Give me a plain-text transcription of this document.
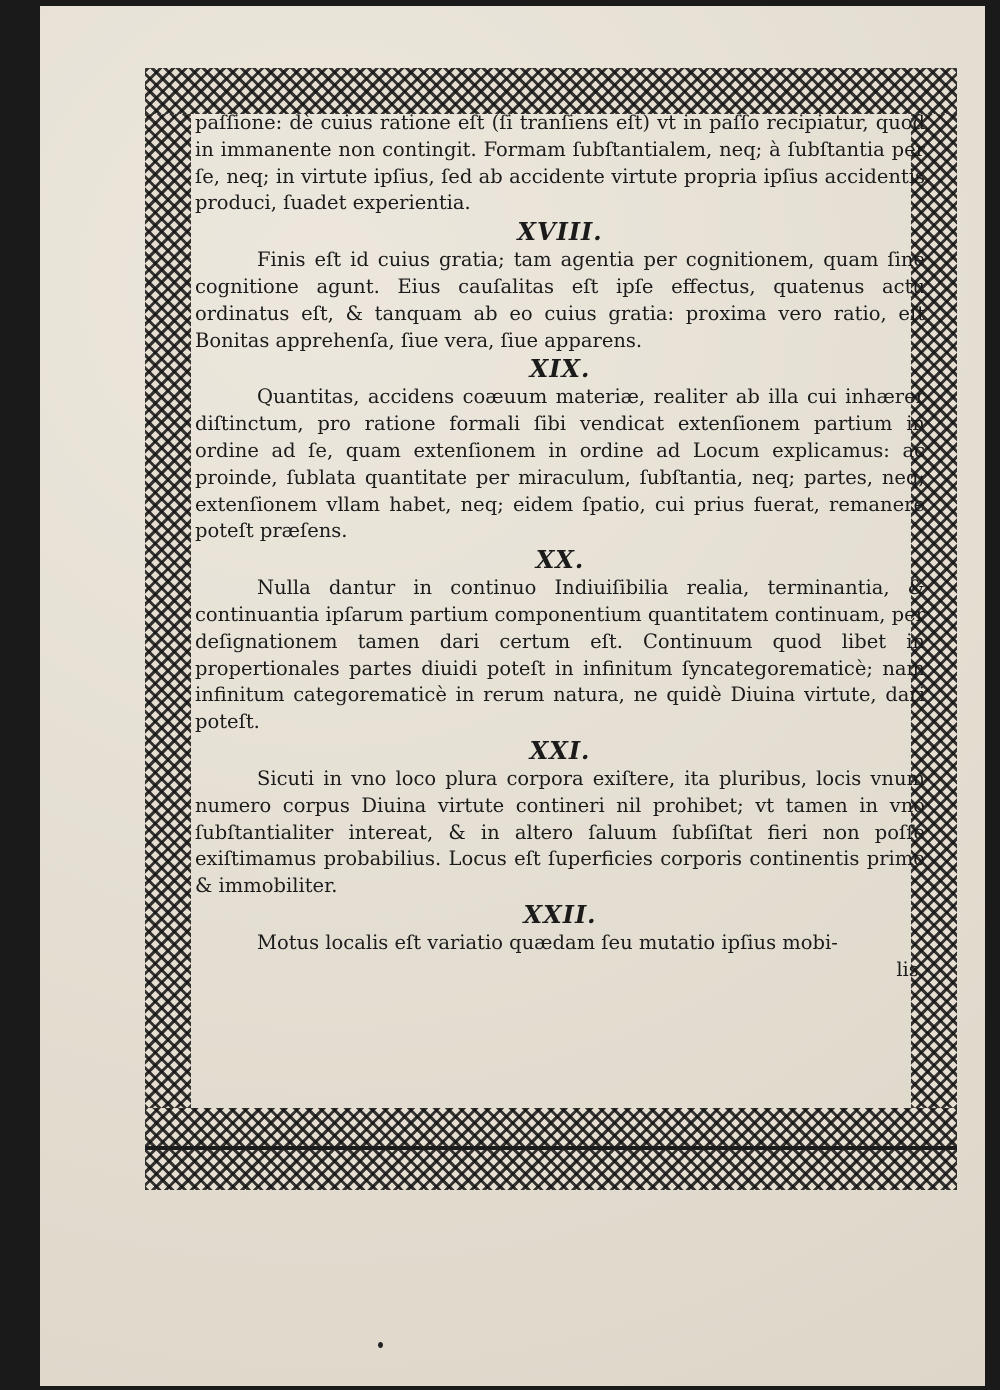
paſſione: dè cuius ratione eſt (ſi tranſiens eſt) vt in paſſo recipiatur, quod in immanente non contingit. Formam ſubſtantialem, neq; à ſubſtantia per ſe, neq; in virtute ipſius, ſed ab accidente virtute propria ipſius accidentis produci, ſuadet experientia.

XVIII.

Finis eſt id cuius gratia; tam agentia per cognitionem, quam ſine cognitione agunt. Eius cauſalitas eſt ipſe effectus, quatenus actu ordinatus eſt, & tanquam ab eo cuius gratia: proxima vero ratio, eſt Bonitas apprehenſa, ſiue vera, ſiue apparens.

XIX.

Quantitas, accidens coæuum materiæ, realiter ab illa cui inhærer diſtinctum, pro ratione formali ſibi vendicat extenſionem partium in ordine ad ſe, quam extenſionem in ordine ad Locum explicamus: ac proinde, ſublata quantitate per miraculum, ſubſtantia, neq; partes, neq; extenſionem vllam habet, neq; eidem ſpatio, cui prius fuerat, remanere poteſt præſens.

XX.

Nulla dantur in continuo Indiuiſibilia realia, terminantia, & continuantia ipſarum partium componentium quantitatem continuam, per deſignationem tamen dari certum eſt. Continuum quod libet in propertionales partes diuidi poteſt in infinitum ſyncategorematicè; nam infinitum categorematicè in rerum natura, ne quidè Diuina virtute, dari poteſt.

XXI.

Sicuti in vno loco plura corpora exiſtere, ita pluribus, locis vnum numero corpus Diuina virtute contineri nil prohibet; vt tamen in vno ſubſtantialiter intereat, & in altero ſaluum ſubſiſtat fieri non poſſe exiſtimamus probabilius. Locus eſt ſuperficies corporis continentis primo & immobiliter.

XXII.

Motus localis eſt variatio quædam ſeu mutatio ipſius mobi-

lis,
